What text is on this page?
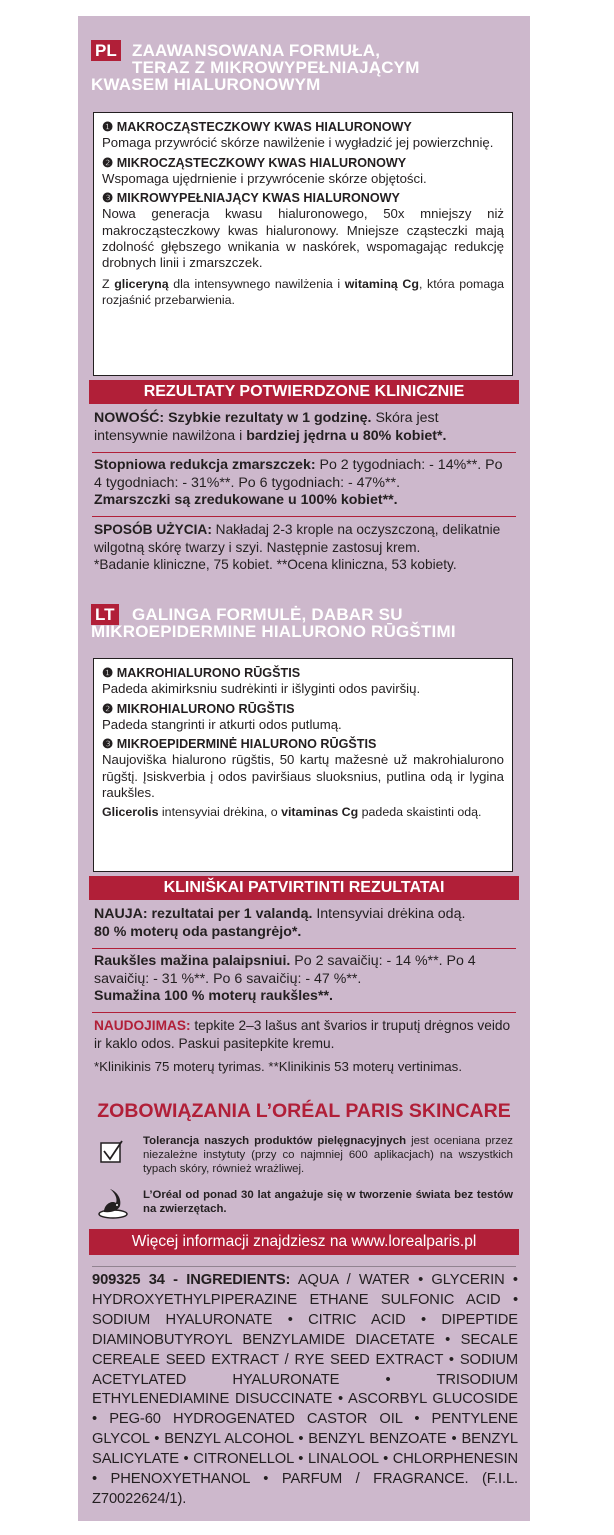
PL ZAAWANSOWANA FORMUŁA,
TERAZ Z MIKROWYPEŁNIAJĄCYM
KWASEM HIALURONOWYM
❶ MAKROCZĄSTECZKOWY KWAS HIALURONOWY

Pomaga przywrócić skórze nawilżenie i wygładzić jej powierzchnię.

❷ MIKROCZĄSTECZKOWY KWAS HIALURONOWY

Wspomaga ujędrnienie i przywrócenie skórze objętości.

❸ MIKROWYPEŁNIAJĄCY KWAS HIALURONOWY

Nowa generacja kwasu hialuronowego, 50x mniejszy niż makrocząsteczkowy kwas hialuronowy. Mniejsze cząsteczki mają zdolność głębszego wnikania w naskórek, wspomagając redukcję drobnych linii i zmarszczek.

Z gliceryną dla intensywnego nawilżenia i witaminą Cg, która pomaga rozjaśnić przebarwienia.

REZULTATY POTWIERDZONE KLINICZNIE
NOWOŚĆ: Szybkie rezultaty w 1 godzinę. Skóra jest intensywnie nawilżona i bardziej jędrna u 80% kobiet*.
Stopniowa redukcja zmarszczek: Po 2 tygodniach: - 14%**. Po 4 tygodniach: - 31%**. Po 6 tygodniach: - 47%**.
Zmarszczki są zredukowane u 100% kobiet**.
SPOSÓB UŻYCIA: Nakładaj 2-3 krople na oczyszczoną, delikatnie wilgotną skórę twarzy i szyi. Następnie zastosuj krem.
*Badanie kliniczne, 75 kobiet. **Ocena kliniczna, 53 kobiety.
LT GALINGA FORMULĖ, DABAR SU
MIKROEPIDERMINE HIALURONO RŪGŠTIMI
❶ MAKROHIALURONO RŪGŠTIS

Padeda akimirksniu sudrėkinti ir išlyginti odos paviršių.

❷ MIKROHIALURONO RŪGŠTIS

Padeda stangrinti ir atkurti odos putlumą.

❸ MIKROEPIDERMINĖ HIALURONO RŪGŠTIS

Naujoviška hialurono rūgštis, 50 kartų mažesnė už makrohialurono rūgštį. Įsiskverbia į odos paviršiaus sluoksnius, putlina odą ir lygina raukšles.

Glicerolis intensyviai drėkina, o vitaminas Cg padeda skaistinti odą.

KLINIŠKAI PATVIRTINTI REZULTATAI
NAUJA: rezultatai per 1 valandą. Intensyviai drėkina odą.
80 % moterų oda pastangrėjo*.
Raukšles mažina palaipsniui. Po 2 savaičių: - 14 %**. Po 4 savaičių: - 31 %**. Po 6 savaičių: - 47 %**.
Sumažina 100 % moterų raukšles**.
NAUDOJIMAS: tepkite 2–3 lašus ant švarios ir truputį drėgnos veido ir kaklo odos. Paskui pasitepkite kremu.
*Klinikinis 75 moterų tyrimas. **Klinikinis 53 moterų vertinimas.
ZOBOWIĄZANIA L’ORÉAL PARIS SKINCARE
Tolerancja naszych produktów pielęgnacyjnych jest oceniana przez niezależne instytuty (przy co najmniej 600 aplikacjach) na wszystkich typach skóry, również wrażliwej.
L’Oréal od ponad 30 lat angażuje się w tworzenie świata bez testów na zwierzętach.
Więcej informacji znajdziesz na www.lorealparis.pl
909325 34 - INGREDIENTS: AQUA / WATER • GLYCERIN • HYDROXYETHYLPIPERAZINE ETHANE SULFONIC ACID • SODIUM HYALURONATE • CITRIC ACID • DIPEPTIDE DIAMINOBUTYROYL BENZYLAMIDE DIACETATE • SECALE CEREALE SEED EXTRACT / RYE SEED EXTRACT • SODIUM ACETYLATED HYALURONATE • TRISODIUM ETHYLENEDIAMINE DISUCCINATE • ASCORBYL GLUCOSIDE • PEG-60 HYDROGENATED CASTOR OIL • PENTYLENE GLYCOL • BENZYL ALCOHOL • BENZYL BENZOATE • BENZYL SALICYLATE • CITRONELLOL • LINALOOL • CHLORPHENESIN • PHENOXYETHANOL • PARFUM / FRAGRANCE. (F.I.L. Z70022624/1).
